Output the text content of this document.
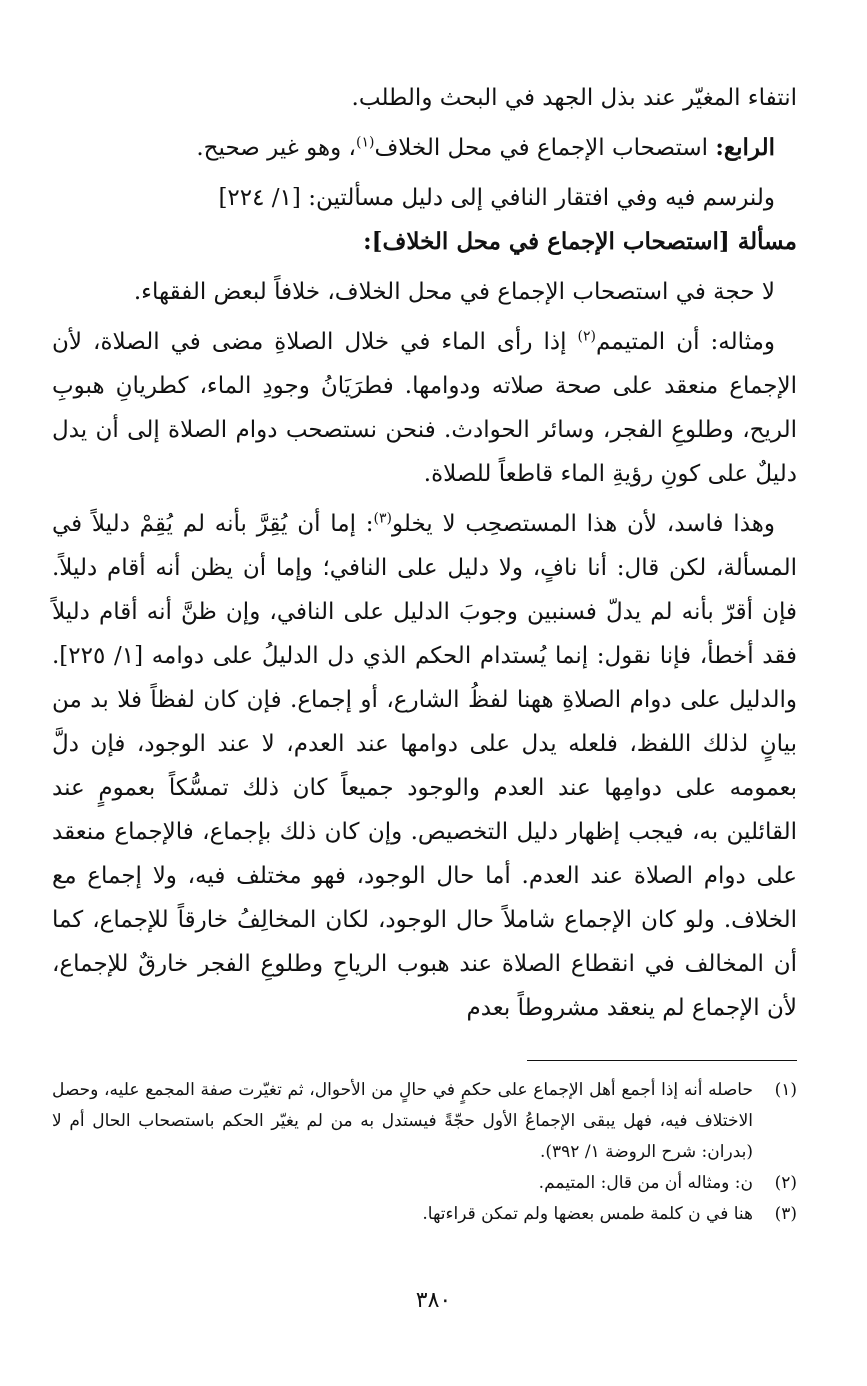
انتفاء المغيّر عند بذل الجهد في البحث والطلب.

الرابع: استصحاب الإجماع في محل الخلاف$^{(١)}$، وهو غير صحيح.

ولنرسم فيه وفي افتقار النافي إلى دليل مسألتين: [١/ ٢٢٤]

مسألة [استصحاب الإجماع في محل الخلاف]:

لا حجة في استصحاب الإجماع في محل الخلاف، خلافاً لبعض الفقهاء.

ومثاله: أن المتيمم$^{(٢)}$ إذا رأى الماء في خلال الصلاةِ مضى في الصلاة، لأن الإجماع منعقد على صحة صلاته ودوامها. فطرَيَانُ وجودِ الماء، كطريانِ هبوبِ الريح، وطلوعِ الفجر، وسائر الحوادث. فنحن نستصحب دوام الصلاة إلى أن يدل دليلٌ على كونِ رؤيةِ الماء قاطعاً للصلاة.

وهذا فاسد، لأن هذا المستصحِب لا يخلو$^{(٣)}$: إما أن يُقِرَّ بأنه لم يُقِمْ دليلاً في المسألة، لكن قال: أنا نافٍ، ولا دليل على النافي؛ وإما أن يظن أنه أقام دليلاً. فإن أقرّ بأنه لم يدلّ فسنبين وجوبَ الدليل على النافي، وإن ظنَّ أنه أقام دليلاً فقد أخطأ، فإنا نقول: إنما يُستدام الحكم الذي دل الدليلُ على دوامه [١/ ٢٢٥]. والدليل على دوام الصلاةِ ههنا لفظُ الشارع، أو إجماع. فإن كان لفظاً فلا بد من بيانٍ لذلك اللفظ، فلعله يدل على دوامها عند العدم، لا عند الوجود، فإن دلَّ بعمومه على دوامِها عند العدم والوجود جميعاً كان ذلك تمسُّكاً بعمومٍ عند القائلين به، فيجب إظهار دليل التخصيص. وإن كان ذلك بإجماع، فالإجماع منعقد على دوام الصلاة عند العدم. أما حال الوجود، فهو مختلف فيه، ولا إجماع مع الخلاف. ولو كان الإجماع شاملاً حال الوجود، لكان المخالِفُ خارقاً للإجماع، كما أن المخالف في انقطاع الصلاة عند هبوب الرياحِ وطلوعِ الفجر خارقٌ للإجماع، لأن الإجماع لم ينعقد مشروطاً بعدم

(١)
حاصله أنه إذا أجمع أهل الإجماع على حكمٍ في حالٍ من الأحوال، ثم تغيّرت صفة المجمع عليه، وحصل الاختلاف فيه، فهل يبقى الإجماعُ الأول حجّةً فيستدل به من لم يغيّر الحكم باستصحاب الحال أم لا (بدران: شرح الروضة ١/ ٣٩٢).
(٢)
ن: ومثاله أن من قال: المتيمم.
(٣)
هنا في ن كلمة طمس بعضها ولم تمكن قراءتها.
٣٨٠
